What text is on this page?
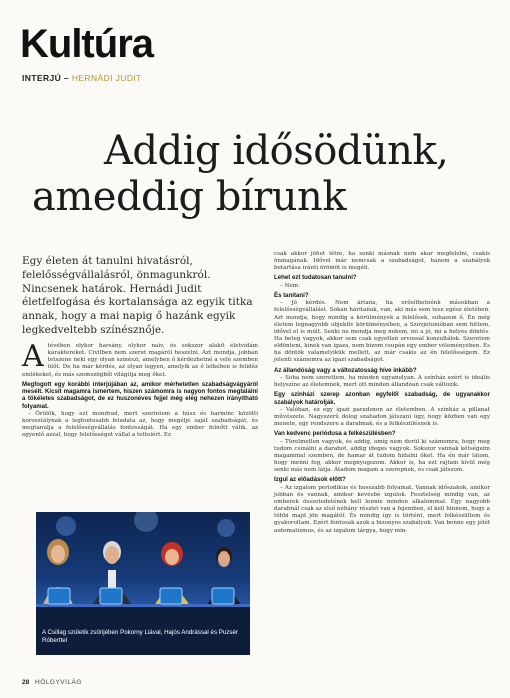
Kultúra
INTERJÚ – HERNÁDI JUDIT
Addig idősödünk,
ameddig bírunk
Egy életen át tanulni hivatásról, felelősségvállalásról, önmagunkról. Nincsenek határok. Hernádi Judit életfelfogása és kortalansága az egyik titka annak, hogy a mai napig ő hazánk egyik legkedveltebb színésznője.

Atévében olykor harsány, olykor naiv, és sokszor alakít életvidám karaktereket. Civilben nem szeret magáról beszélni. Azt mondja, jobban tetszene neki egy olyan színészi, amelyben ő kérdezhetné a vele szemben ülőt. De ha már kérdés, az olyan legyen, amelyik az ő lelkében is felidéz emlékeket, és más szemszögből világítja meg őket.

Megfogott egy korábbi interjújában az, amikor mérhetetlen szabadságvágyáról mesélt. Kicsit magamra ismertem, hiszen számomra is nagyon fontos megtalálni a tökéletes szabadságot, de ez huszonéves fejjel még elég nehezen irányítható folyamat.

– Örülök, hogy ezt mondrad, mert szerintem a húsz és harminc közötti korosztálynak a legfontosabb feladata az, hogy megélje saját szabadságát, és megtanulja a felelősségvállalás fontosságát. Ha egy ember felnőtt válik, az egyenlő azzal, hogy felelősséget vállal a tetteiért. Ez

csak akkor jöhet létre, ha senki másnak nem akar megfelelni, csakis önmagának. Idővel már nemcsak a szabadságot, hanem a szabályok betartása iránti örömöt is megéli.

Lehet ezt tudatosan tanulni?

– Nem.

És tanítani?

– Jó kérdés. Nem ártana, ha erősíthetnénk másokban a felelősségvállalást. Sokan háritanak, van, aki más sem tesz egész életében. Azt mondja, hogy mindig a körülmények a felelősek, sohasem ő. Én még életem legnagyobb objektív körülményében, a Szovjetunióban sem hittem, idővel el is múlt. Senki ne mondja meg nekem, mi a jó, mi a helyes döntés. Ha beteg vagyok, akkor sem csak egyetlen orvossal konzultálok. Szeretem eldönteni, kinek van igaza, nem bízom csupán egy ember véleményében. És ha döntök valamelyikük mellett, az már csakis az én felelősségem. Ez jelenti számomra az igazi szabadságot.

Az állandóság vagy a változatosság híve inkább?

– Soha nem szerettem, ha minden ugyanolyan. A színház ezért is ideális helyszíne az életemnek, mert ott minden állandóan csak változik.

Egy színházi szerep azonban egyfelől szabadság, de ugyanakkor szabályok határolják.

– Valóban, ez egy igazi paradoxon az életemben. A színház a pillanat művészete. Nagyszerű dolog szabadon játszani úgy, hogy közben van egy menete, egy rendszere a darabnak, és a felkészülésnek is.

Van kedvenc periódusa a felkészülésben?

– Türelmetlen vagyok, és addig, amíg nem derül ki számomra, hogy meg tudom csinálni a darabot, addig ideges vagyok. Sokszor vannak kétségeim magammal szemben, de hamar át tudom hidalni őket. Ha én már látom, hogy menni fog, akkor megnyugszom. Akkor is, ha ezt rajtam kívül még senki más nem látja. Átadom magam a szerepnek, és csak játszom.

Izgul az előadások előtt?

– Az izgalom periodikus és hosszabb folyamat. Vannak időszakok, amikor jobban és vannak, amikor kevésbé izgulok. Fesztelség mindig van, az emberek összetedetének kell lennie minden alkalommal. Egy nagyobb darabnál csak az első néhány részlet van a fejemben, el kell hinnem, hogy a többi majd jön magától. És mindig így is történt, mert felkészültem és gyakoroltam. Ezért fontosak azok a bizonyos szabályok. Van benne egy jólét automatizmus, és az izgalom tárgya, hogy min-

A Csillag születik zsűrijében Pokorny Liával, Hajós Andrással és Puzsér Róberttel
28 HÖLGYVILÁG
